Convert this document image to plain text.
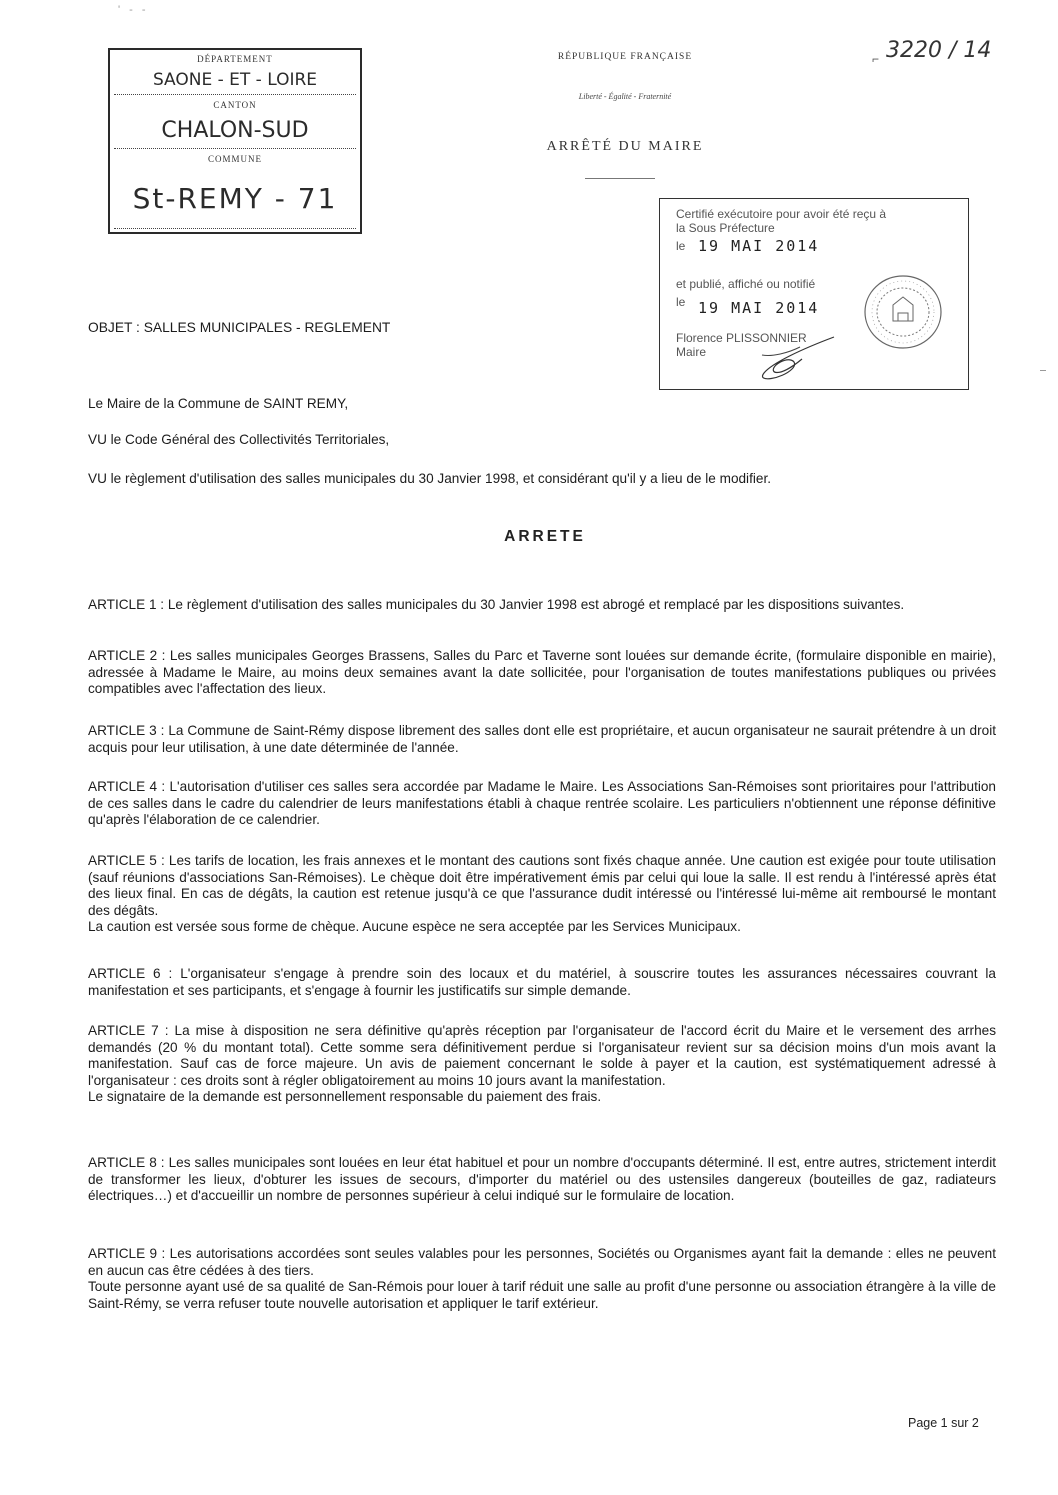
' - -
DÉPARTEMENT
SAONE - ET - LOIRE
CANTON
CHALON-SUD
COMMUNE
St-REMY - 71
RÉPUBLIQUE FRANÇAISE
Liberté - Égalité - Fraternité
ARRÊTÉ DU MAIRE
3220 / 14
⌐
Certifié exécutoire pour avoir été reçu à
la Sous Préfecture
le 19 MAI 2014
et publié, affiché ou notifié
le 19 MAI 2014
Florence PLISSONNIER
Maire
OBJET : SALLES MUNICIPALES - REGLEMENT
Le Maire de la Commune de SAINT REMY,
VU le Code Général des Collectivités Territoriales,
VU le règlement d'utilisation des salles municipales du 30 Janvier 1998, et considérant qu'il y a lieu de le modifier.
ARRETE

ARTICLE 1 : Le règlement d'utilisation des salles municipales du 30 Janvier 1998 est abrogé et remplacé par les dispositions suivantes.

ARTICLE 2 : Les salles municipales Georges Brassens, Salles du Parc et Taverne sont louées sur demande écrite, (formulaire disponible en mairie), adressée à Madame le Maire, au moins deux semaines avant la date sollicitée, pour l'organisation de toutes manifestations publiques ou privées compatibles avec l'affectation des lieux.

ARTICLE 3 : La Commune de Saint-Rémy dispose librement des salles dont elle est propriétaire, et aucun organisateur ne saurait prétendre à un droit acquis pour leur utilisation, à une date déterminée de l'année.

ARTICLE 4 : L'autorisation d'utiliser ces salles sera accordée par Madame le Maire. Les Associations San-Rémoises sont prioritaires pour l'attribution de ces salles dans le cadre du calendrier de leurs manifestations établi à chaque rentrée scolaire. Les particuliers n'obtiennent une réponse définitive qu'après l'élaboration de ce calendrier.

ARTICLE 5 : Les tarifs de location, les frais annexes et le montant des cautions sont fixés chaque année. Une caution est exigée pour toute utilisation (sauf réunions d'associations San-Rémoises). Le chèque doit être impérativement émis par celui qui loue la salle. Il est rendu à l'intéressé après état des lieux final. En cas de dégâts, la caution est retenue jusqu'à ce que l'assurance dudit intéressé ou l'intéressé lui-même ait remboursé le montant des dégâts.

La caution est versée sous forme de chèque. Aucune espèce ne sera acceptée par les Services Municipaux.

ARTICLE 6 : L'organisateur s'engage à prendre soin des locaux et du matériel, à souscrire toutes les assurances nécessaires couvrant la manifestation et ses participants, et s'engage à fournir les justificatifs sur simple demande.

ARTICLE 7 : La mise à disposition ne sera définitive qu'après réception par l'organisateur de l'accord écrit du Maire et le versement des arrhes demandés (20 % du montant total). Cette somme sera définitivement perdue si l'organisateur revient sur sa décision moins d'un mois avant la manifestation. Sauf cas de force majeure. Un avis de paiement concernant le solde à payer et la caution, est systématiquement adressé à l'organisateur : ces droits sont à régler obligatoirement au moins 10 jours avant la manifestation.

Le signataire de la demande est personnellement responsable du paiement des frais.

ARTICLE 8 : Les salles municipales sont louées en leur état habituel et pour un nombre d'occupants déterminé. Il est, entre autres, strictement interdit de transformer les lieux, d'obturer les issues de secours, d'importer du matériel ou des ustensiles dangereux (bouteilles de gaz, radiateurs électriques…) et d'accueillir un nombre de personnes supérieur à celui indiqué sur le formulaire de location.

ARTICLE 9 : Les autorisations accordées sont seules valables pour les personnes, Sociétés ou Organismes ayant fait la demande : elles ne peuvent en aucun cas être cédées à des tiers.

Toute personne ayant usé de sa qualité de San-Rémois pour louer à tarif réduit une salle au profit d'une personne ou association étrangère à la ville de Saint-Rémy, se verra refuser toute nouvelle autorisation et appliquer le tarif extérieur.

Page 1 sur 2
